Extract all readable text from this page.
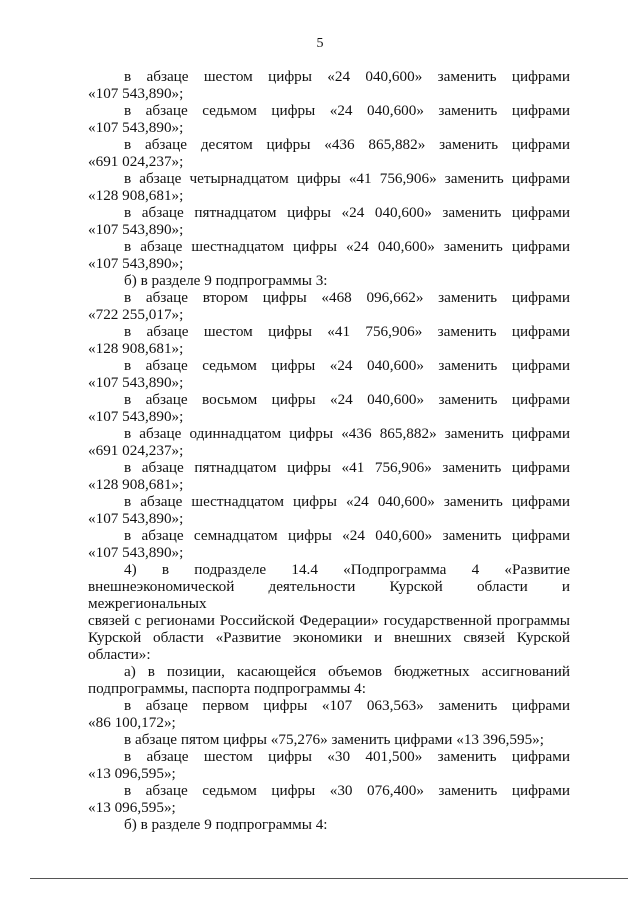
5

в абзаце шестом цифры «24 040,600» заменить цифрами
«107 543,890»;

в абзаце седьмом цифры «24 040,600» заменить цифрами
«107 543,890»;

в абзаце десятом цифры «436 865,882» заменить цифрами
«691 024,237»;

в абзаце четырнадцатом цифры «41 756,906» заменить цифрами
«128 908,681»;

в абзаце пятнадцатом цифры «24 040,600» заменить цифрами
«107 543,890»;

в абзаце шестнадцатом цифры «24 040,600» заменить цифрами
«107 543,890»;

б) в разделе 9 подпрограммы 3:

в абзаце втором цифры «468 096,662» заменить цифрами
«722 255,017»;

в абзаце шестом цифры «41 756,906» заменить цифрами
«128 908,681»;

в абзаце седьмом цифры «24 040,600» заменить цифрами
«107 543,890»;

в абзаце восьмом цифры «24 040,600» заменить цифрами
«107 543,890»;

в абзаце одиннадцатом цифры «436 865,882» заменить цифрами
«691 024,237»;

в абзаце пятнадцатом цифры «41 756,906» заменить цифрами
«128 908,681»;

в абзаце шестнадцатом цифры «24 040,600» заменить цифрами
«107 543,890»;

в абзаце семнадцатом цифры «24 040,600» заменить цифрами
«107 543,890»;

4) в подразделе 14.4 «Подпрограмма 4 «Развитие
внешнеэкономической деятельности Курской области и межрегиональных
связей с регионами Российской Федерации» государственной программы
Курской области «Развитие экономики и внешних связей Курской
области»:

а) в позиции, касающейся объемов бюджетных ассигнований
подпрограммы, паспорта подпрограммы 4:

в абзаце первом цифры «107 063,563» заменить цифрами
«86 100,172»;

в абзаце пятом цифры «75,276» заменить цифрами «13 396,595»;

в абзаце шестом цифры «30 401,500» заменить цифрами
«13 096,595»;

в абзаце седьмом цифры «30 076,400» заменить цифрами
«13 096,595»;

б) в разделе 9 подпрограммы 4:
